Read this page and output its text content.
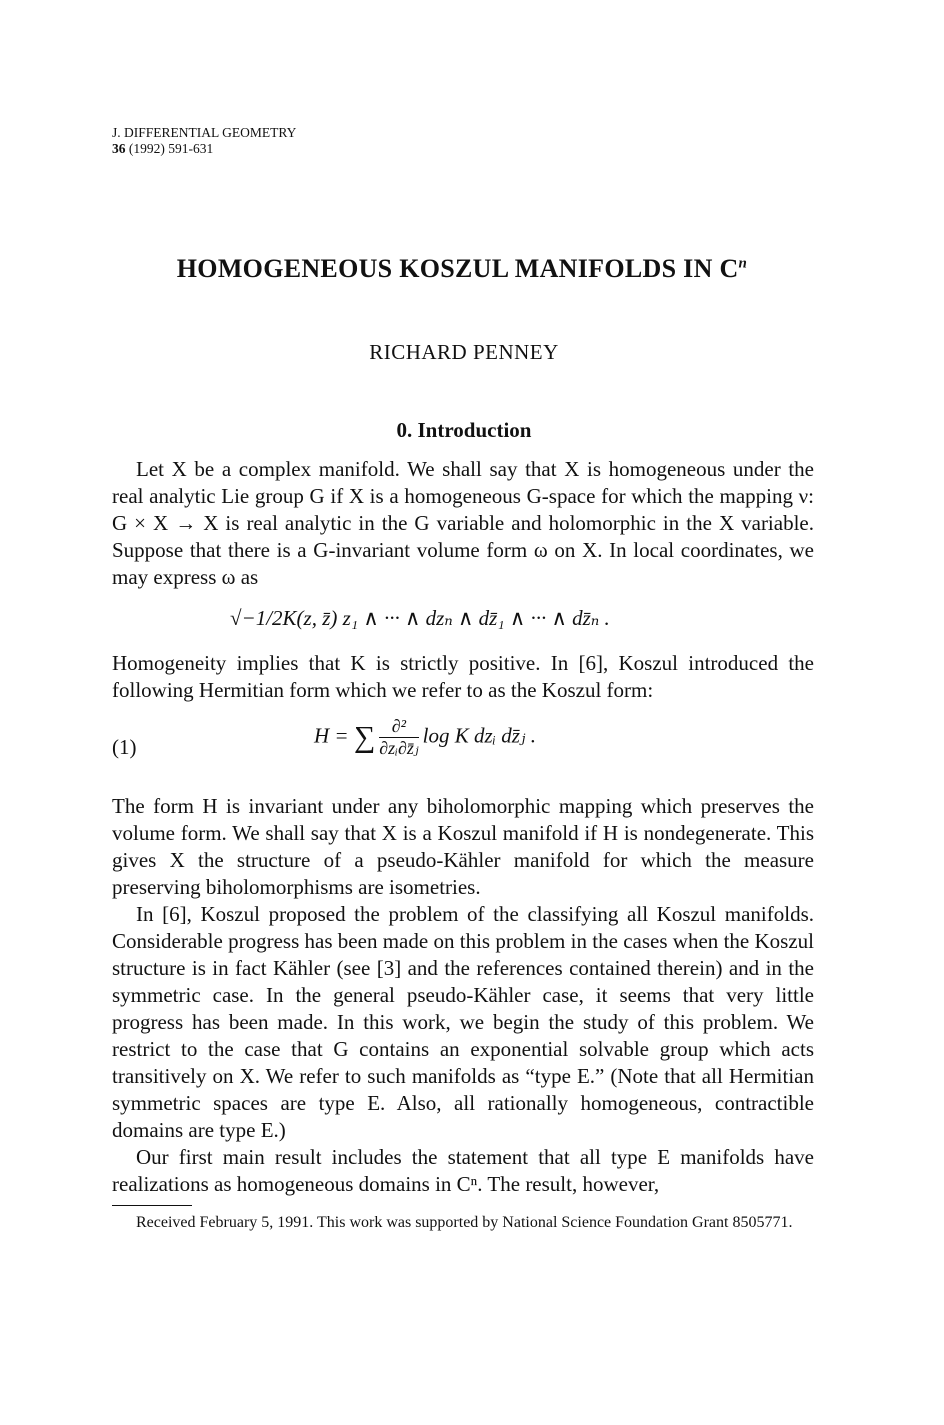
J. DIFFERENTIAL GEOMETRY
36 (1992) 591-631
HOMOGENEOUS KOSZUL MANIFOLDS IN $C^n$
RICHARD PENNEY
0. Introduction

Let X be a complex manifold. We shall say that X is homogeneous under the real analytic Lie group G if X is a homogeneous G-space for which the mapping ν: G × X → X is real analytic in the G variable and holomorphic in the X variable. Suppose that there is a G-invariant volume form ω on X. In local coordinates, we may express ω as

√−1/2K(z, z̄) z₁ ∧ ··· ∧ dzₙ ∧ dz̄₁ ∧ ··· ∧ dz̄ₙ .

Homogeneity implies that K is strictly positive. In [6], Koszul introduced the following Hermitian form which we refer to as the Koszul form:

(1)	H = ∑ $\frac{\text{∂²}}{\text{∂zᵢ∂z̄ⱼ}}$ log K dzᵢ dz̄ⱼ .

The form H is invariant under any biholomorphic mapping which preserves the volume form. We shall say that X is a Koszul manifold if H is nondegenerate. This gives X the structure of a pseudo-Kähler manifold for which the measure preserving biholomorphisms are isometries.

In [6], Koszul proposed the problem of the classifying all Koszul manifolds. Considerable progress has been made on this problem in the cases when the Koszul structure is in fact Kähler (see [3] and the references contained therein) and in the symmetric case. In the general pseudo-Kähler case, it seems that very little progress has been made. In this work, we begin the study of this problem. We restrict to the case that G contains an exponential solvable group which acts transitively on X. We refer to such manifolds as “type E.” (Note that all Hermitian symmetric spaces are type E. Also, all rationally homogeneous, contractible domains are type E.)

Our first main result includes the statement that all type E manifolds have realizations as homogeneous domains in Cⁿ. The result, however,

Received February 5, 1991. This work was supported by National Science Foundation Grant 8505771.
